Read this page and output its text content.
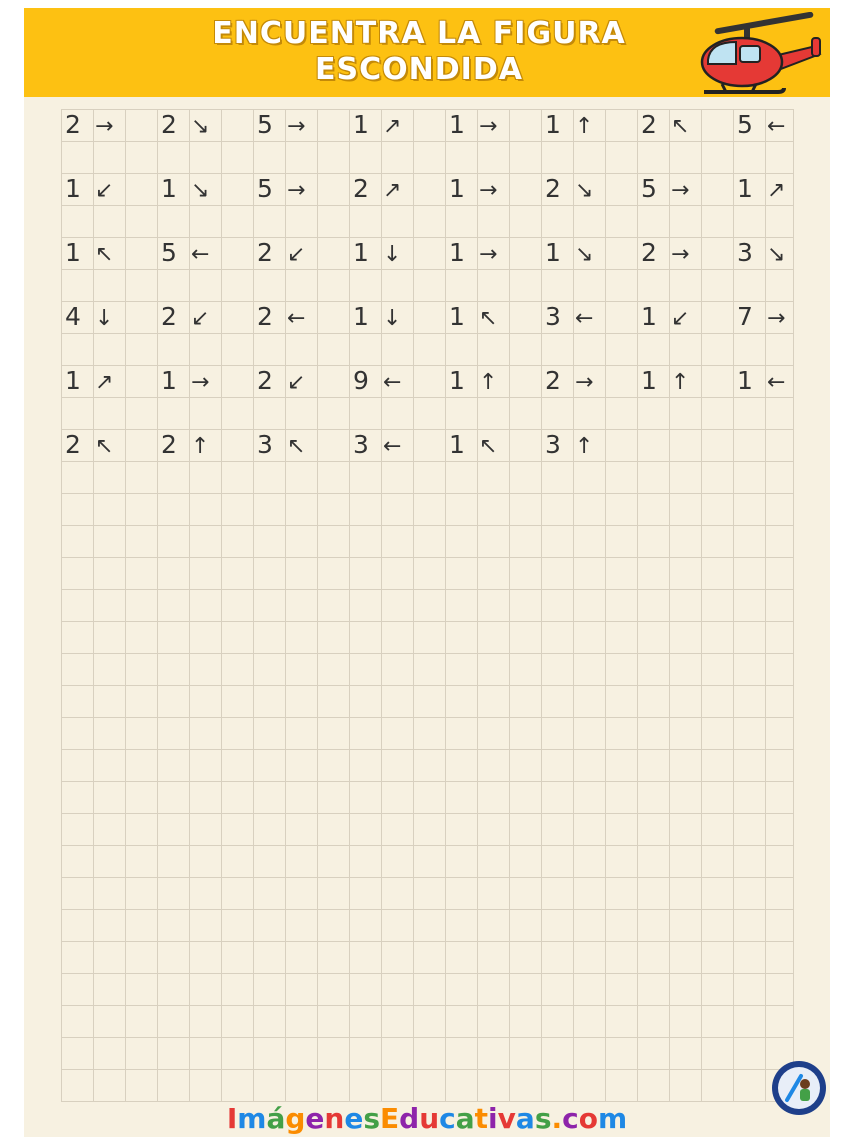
ENCUENTRA LA FIGURA
ESCONDIDA
2 →	2 ↘	5 →	1 ↗	1 →	1 ↑	2 ↖	5 ←
1 ↙	1 ↘	5 →	2 ↗	1 →	2 ↘	5 →	1 ↗
1 ↖	5 ←	2 ↙	1 ↓	1 →	1 ↘	2 →	3 ↘
4 ↓	2 ↙	2 ←	1 ↓	1 ↖	3 ←	1 ↙	7 →
1 ↗	1 →	2 ↙	9 ←	1 ↑	2 →	1 ↑	1 ←
2 ↖	2 ↑	3 ↖	3 ←	1 ↖	3 ↑
ImágenesEducativas.com
